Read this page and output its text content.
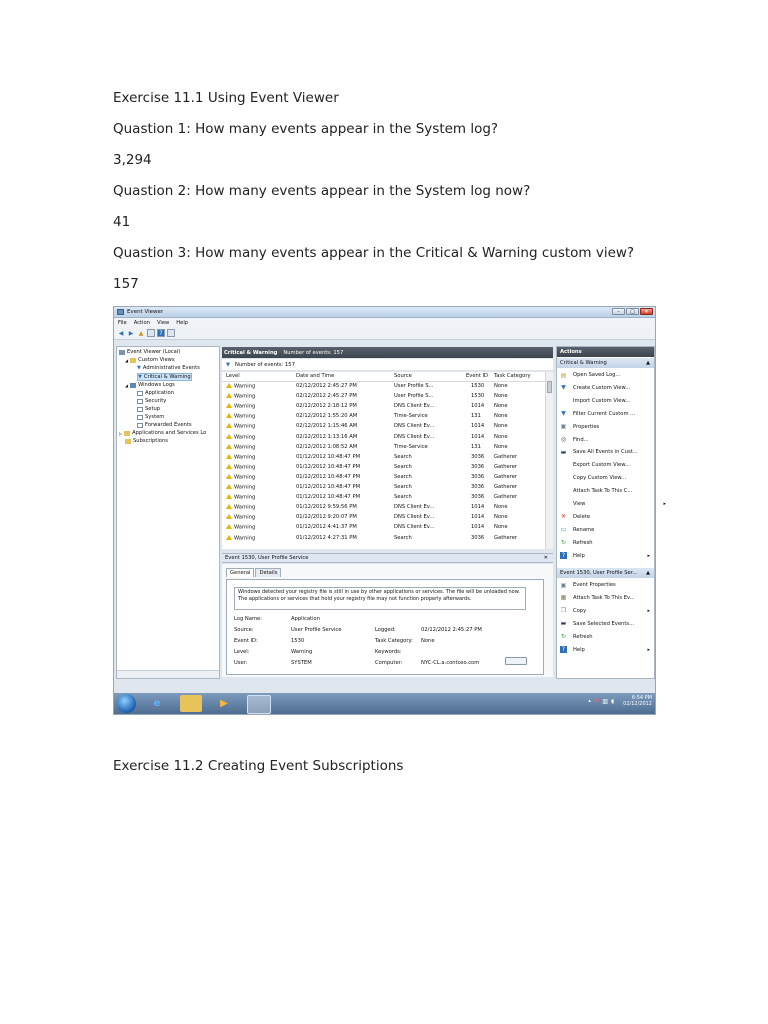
Exercise 11.1 Using Event Viewer
Quastion 1: How many events appear in the System log?
3,294
Quastion 2: How many events appear in the System log now?
41
Quastion 3: How many events appear in the Critical & Warning custom view?
157
Event Viewer	–	□	✕
File Action View Help
◀ ▶ ▲	?
Event Viewer (Local)
◢ Custom Views
▼ Administrative Events
▼ Critical & Warning
◢ Windows Logs
Application
Security
Setup
System
Forwarded Events
▷ Applications and Services Lo
Subscriptions
Critical & Warning Number of events: 157
▼ Number of events: 157
Level	Date and Time	Source	Event ID Task Category
Warning	02/12/2012 2:45:27 PM	User Profile S...	1530 None
Warning	02/12/2012 2:45:27 PM	User Profile S...	1530 None
Warning	02/12/2012 2:18:12 PM	DNS Client Ev...	1014 None
Warning	02/12/2012 1:55:20 AM	Time-Service	131	None
Warning	02/12/2012 1:15:46 AM	DNS Client Ev...	1014 None
Warning	02/12/2012 1:13:16 AM	DNS Client Ev...	1014 None
Warning	02/12/2012 1:08:52 AM	Time-Service	131	None
Warning	01/12/2012 10:48:47 PM	Search	3036 Gatherer
Warning	01/12/2012 10:48:47 PM	Search	3036 Gatherer
Warning	01/12/2012 10:48:47 PM	Search	3036 Gatherer
Warning	01/12/2012 10:48:47 PM	Search	3036 Gatherer
Warning	01/12/2012 10:48:47 PM	Search	3036 Gatherer
Warning	01/12/2012 9:59:56 PM	DNS Client Ev...	1014 None
Warning	01/12/2012 9:20:07 PM	DNS Client Ev...	1014 None
Warning	01/12/2012 4:41:37 PM	DNS Client Ev...	1014 None
Warning	01/12/2012 4:27:31 PM	Search	3036 Gatherer
Event 1530, User Profile Service	✕
General	Details
Windows detected your registry file is still in use by other applications or services. The file will be unloaded now. The applications or services that hold your registry file may not function properly afterwards.
Log Name:	Application
Source:	User Profile Service	Logged:	02/12/2012 2:45:27 PM
Event ID:	1530	Task Category: None
Level:	Warning	Keywords:
User:	SYSTEM	Computer:	NYC-CL.a.contoso.com
Actions
Critical & Warning	▲
▤ Open Saved Log...
▼ Create Custom View...
Import Custom View...
▼ Filter Current Custom ...
▣ Properties
◎ Find...
▬ Save All Events in Cust...
Export Custom View...
Copy Custom View...
Attach Task To This C...
View	▸
✕ Delete
▭ Rename
↻ Refresh
?	Help	▸
Event 1530, User Profile Ser... ▲
▣ Event Properties
▦ Attach Task To This Ev...
❐ Copy	▸
▬ Save Selected Events...
↻ Refresh
?	Help	▸
e	▶	▴ ⚑ ▥ ◖	6:54 PM
02/12/2012
Exercise 11.2 Creating Event Subscriptions
